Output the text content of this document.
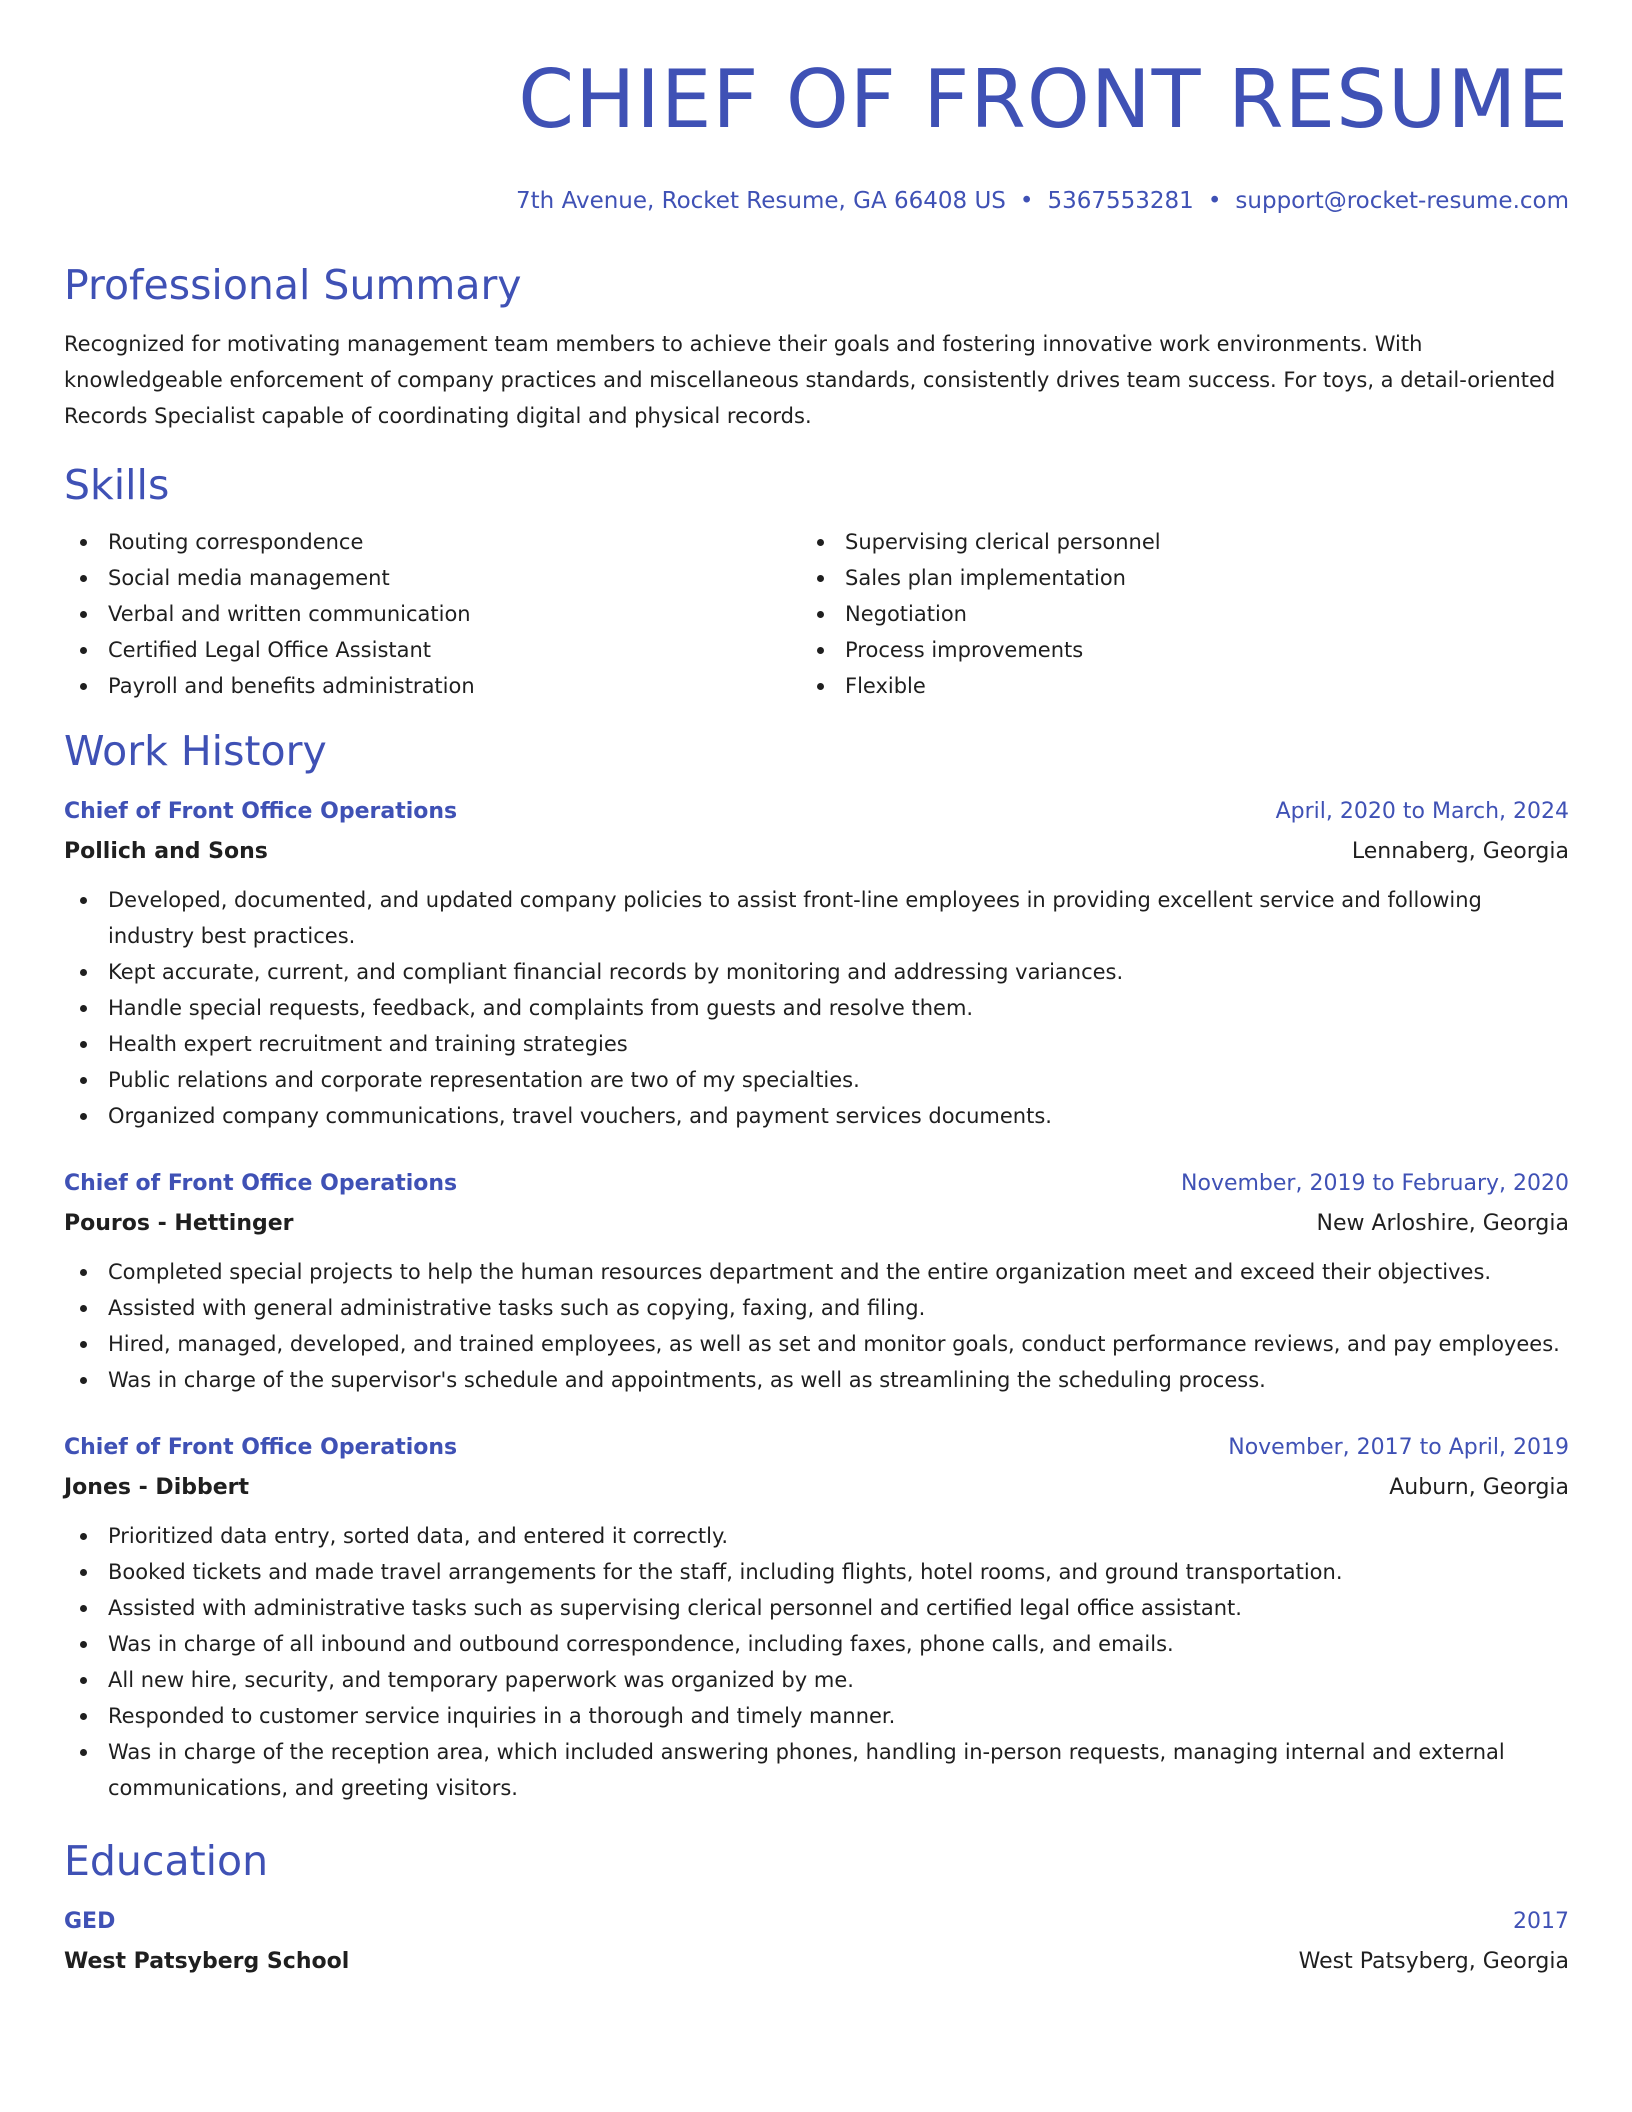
CHIEF OF FRONT RESUME
7th Avenue, Rocket Resume, GA 66408 US • 5367553281 • support@rocket-resume.com
Professional Summary
Recognized for motivating management team members to achieve their goals and fostering innovative work environments. With
knowledgeable enforcement of company practices and miscellaneous standards, consistently drives team success. For toys, a detail-oriented
Records Specialist capable of coordinating digital and physical records.
Skills
Routing correspondence
Social media management
Verbal and written communication
Certified Legal Office Assistant
Payroll and benefits administration
Supervising clerical personnel
Sales plan implementation
Negotiation
Process improvements
Flexible
Work History
Chief of Front Office Operations	April, 2020 to March, 2024
Pollich and Sons	Lennaberg, Georgia
Developed, documented, and updated company policies to assist front-line employees in providing excellent service and following
industry best practices.
Kept accurate, current, and compliant financial records by monitoring and addressing variances.
Handle special requests, feedback, and complaints from guests and resolve them.
Health expert recruitment and training strategies
Public relations and corporate representation are two of my specialties.
Organized company communications, travel vouchers, and payment services documents.
Chief of Front Office Operations	November, 2019 to February, 2020
Pouros - Hettinger	New Arloshire, Georgia
Completed special projects to help the human resources department and the entire organization meet and exceed their objectives.
Assisted with general administrative tasks such as copying, faxing, and filing.
Hired, managed, developed, and trained employees, as well as set and monitor goals, conduct performance reviews, and pay employees.
Was in charge of the supervisor's schedule and appointments, as well as streamlining the scheduling process.
Chief of Front Office Operations	November, 2017 to April, 2019
Jones - Dibbert	Auburn, Georgia
Prioritized data entry, sorted data, and entered it correctly.
Booked tickets and made travel arrangements for the staff, including flights, hotel rooms, and ground transportation.
Assisted with administrative tasks such as supervising clerical personnel and certified legal office assistant.
Was in charge of all inbound and outbound correspondence, including faxes, phone calls, and emails.
All new hire, security, and temporary paperwork was organized by me.
Responded to customer service inquiries in a thorough and timely manner.
Was in charge of the reception area, which included answering phones, handling in-person requests, managing internal and external
communications, and greeting visitors.
Education
GED	2017
West Patsyberg School	West Patsyberg, Georgia
